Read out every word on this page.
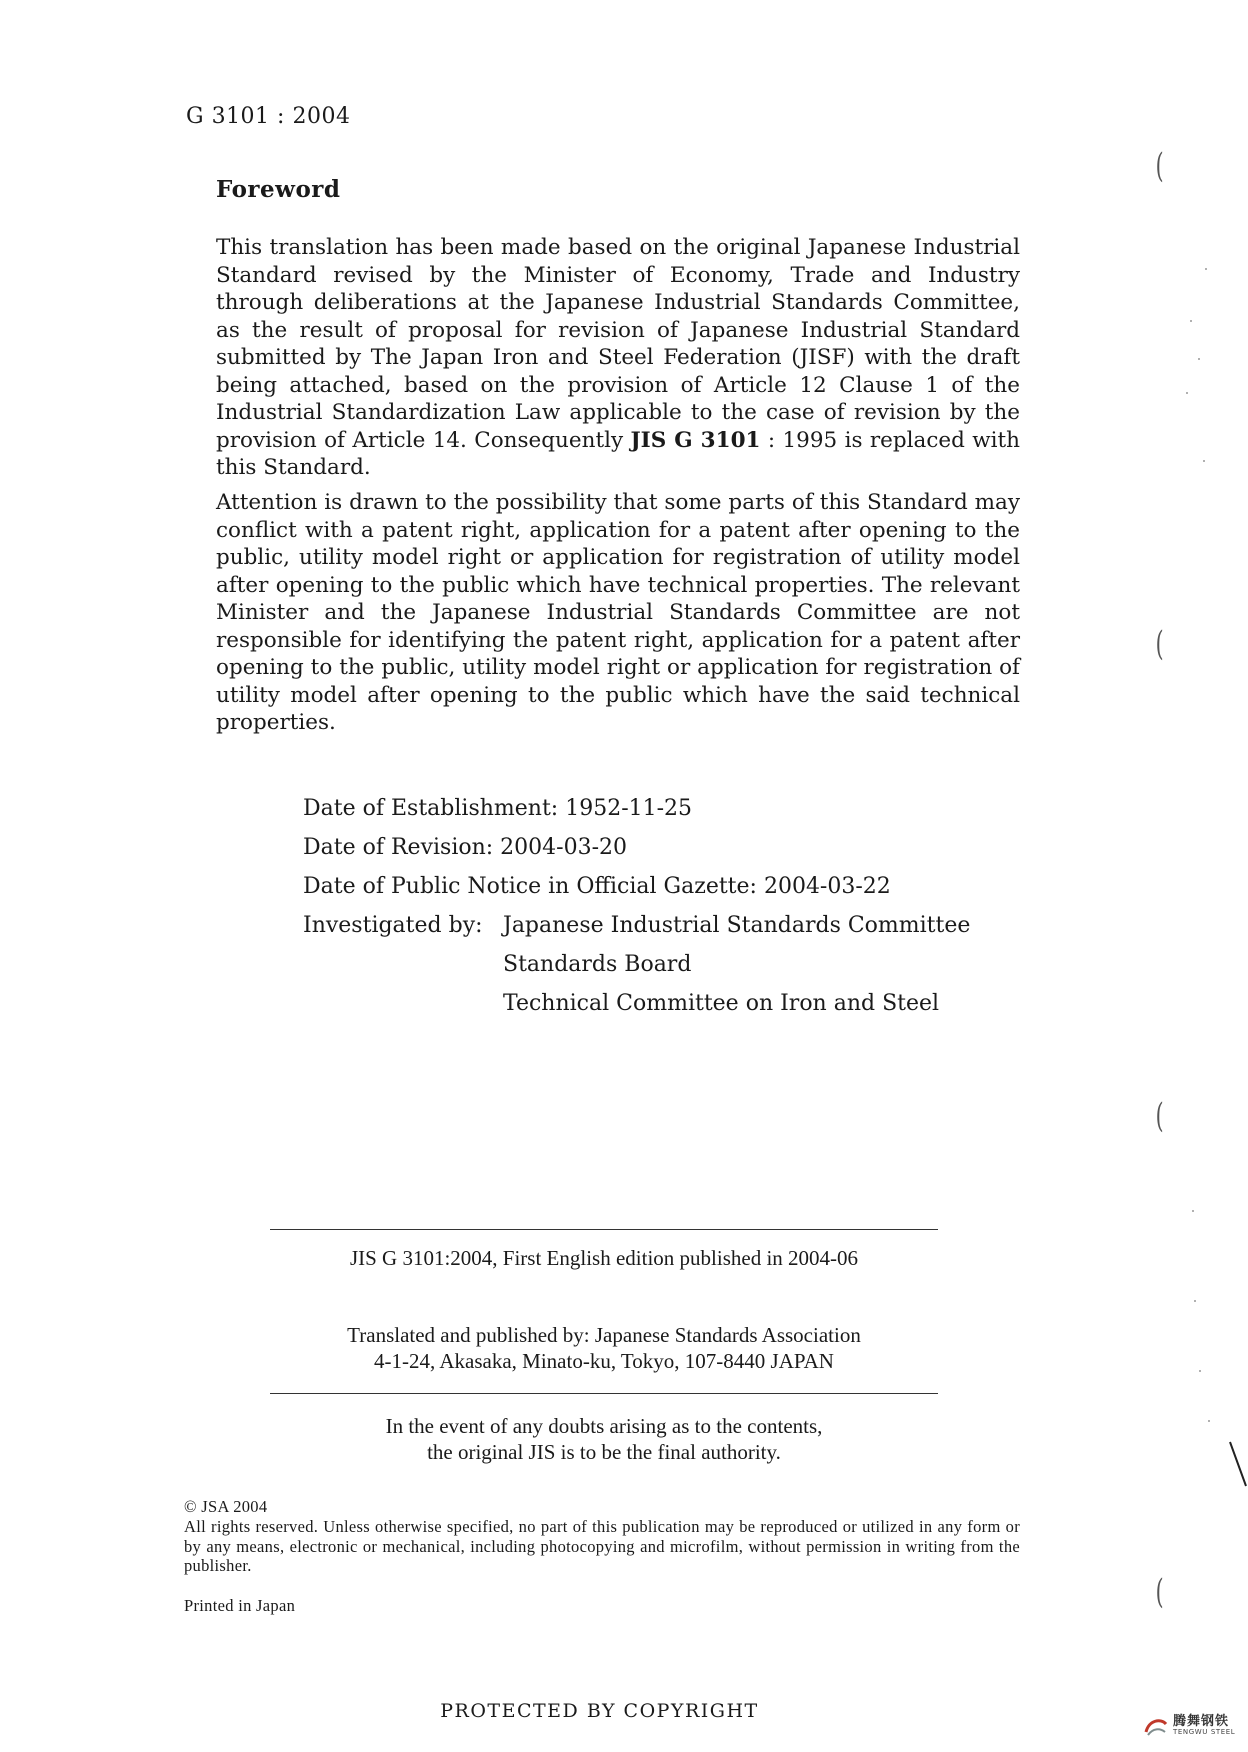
G 3101 : 2004
Foreword
This translation has been made based on the original Japanese Industrial Standard revised by the Minister of Economy, Trade and Industry through deliberations at the Japanese Industrial Standards Committee, as the result of proposal for revision of Japanese Industrial Standard submitted by The Japan Iron and Steel Federation (JISF) with the draft being attached, based on the provision of Article 12 Clause 1 of the Industrial Standardization Law applicable to the case of revision by the provision of Article 14. Consequently JIS G 3101 : 1995 is replaced with this Standard.
Attention is drawn to the possibility that some parts of this Standard may conflict with a patent right, application for a patent after opening to the public, utility model right or application for registration of utility model after opening to the public which have technical properties. The relevant Minister and the Japanese Industrial Standards Committee are not responsible for identifying the patent right, application for a patent after opening to the public, utility model right or application for registration of utility model after opening to the public which have the said technical properties.
Date of Establishment: 1952-11-25
Date of Revision: 2004-03-20
Date of Public Notice in Official Gazette: 2004-03-22
Investigated by: Japanese Industrial Standards Committee
Standards Board
Technical Committee on Iron and Steel
JIS G 3101:2004, First English edition published in 2004-06
Translated and published by: Japanese Standards Association
4-1-24, Akasaka, Minato-ku, Tokyo, 107-8440 JAPAN
In the event of any doubts arising as to the contents,
the original JIS is to be the final authority.
© JSA 2004
All rights reserved. Unless otherwise specified, no part of this publication may be reproduced or utilized in any form or by any means, electronic or mechanical, including photocopying and microfilm, without permission in writing from the publisher.
Printed in Japan
PROTECTED BY COPYRIGHT
(
(
(
(
腾舞钢铁
TENGWU STEEL
